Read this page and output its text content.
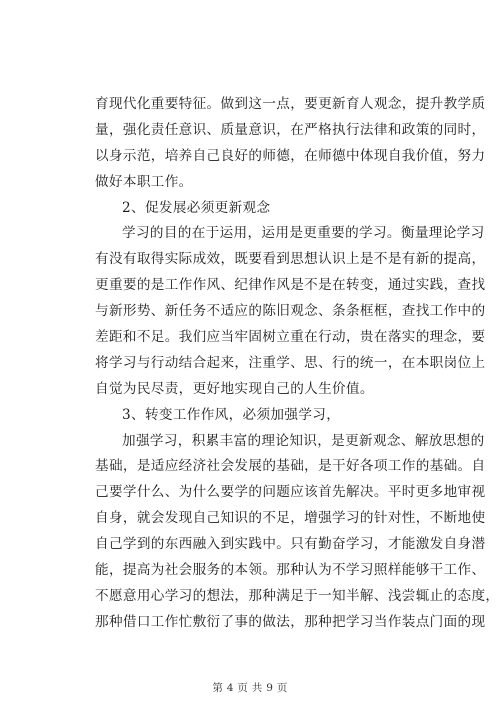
育现代化重要特征。做到这一点，要更新育人观念，提升教学质
量，强化责任意识、质量意识，在严格执行法律和政策的同时，
以身示范，培养自己良好的师德，在师德中体现自我价值，努力
做好本职工作。
2、促发展必须更新观念
学习的目的在于运用，运用是更重要的学习。衡量理论学习
有没有取得实际成效，既要看到思想认识上是不是有新的提高，
更重要的是工作作风、纪律作风是不是在转变，通过实践，查找
与新形势、新任务不适应的陈旧观念、条条框框，查找工作中的
差距和不足。我们应当牢固树立重在行动，贵在落实的理念，要
将学习与行动结合起来，注重学、思、行的统一，在本职岗位上
自觉为民尽责，更好地实现自己的人生价值。
3、转变工作作风，必须加强学习，
加强学习，积累丰富的理论知识，是更新观念、解放思想的
基础，是适应经济社会发展的基础，是干好各项工作的基础。自
己要学什么、为什么要学的问题应该首先解决。平时更多地审视
自身，就会发现自己知识的不足，增强学习的针对性，不断地使
自己学到的东西融入到实践中。只有勤奋学习，才能激发自身潜
能，提高为社会服务的本领。那种认为不学习照样能够干工作、
不愿意用心学习的想法，那种满足于一知半解、浅尝辄止的态度，
那种借口工作忙敷衍了事的做法，那种把学习当作装点门面的现
第 4 页 共 9 页
